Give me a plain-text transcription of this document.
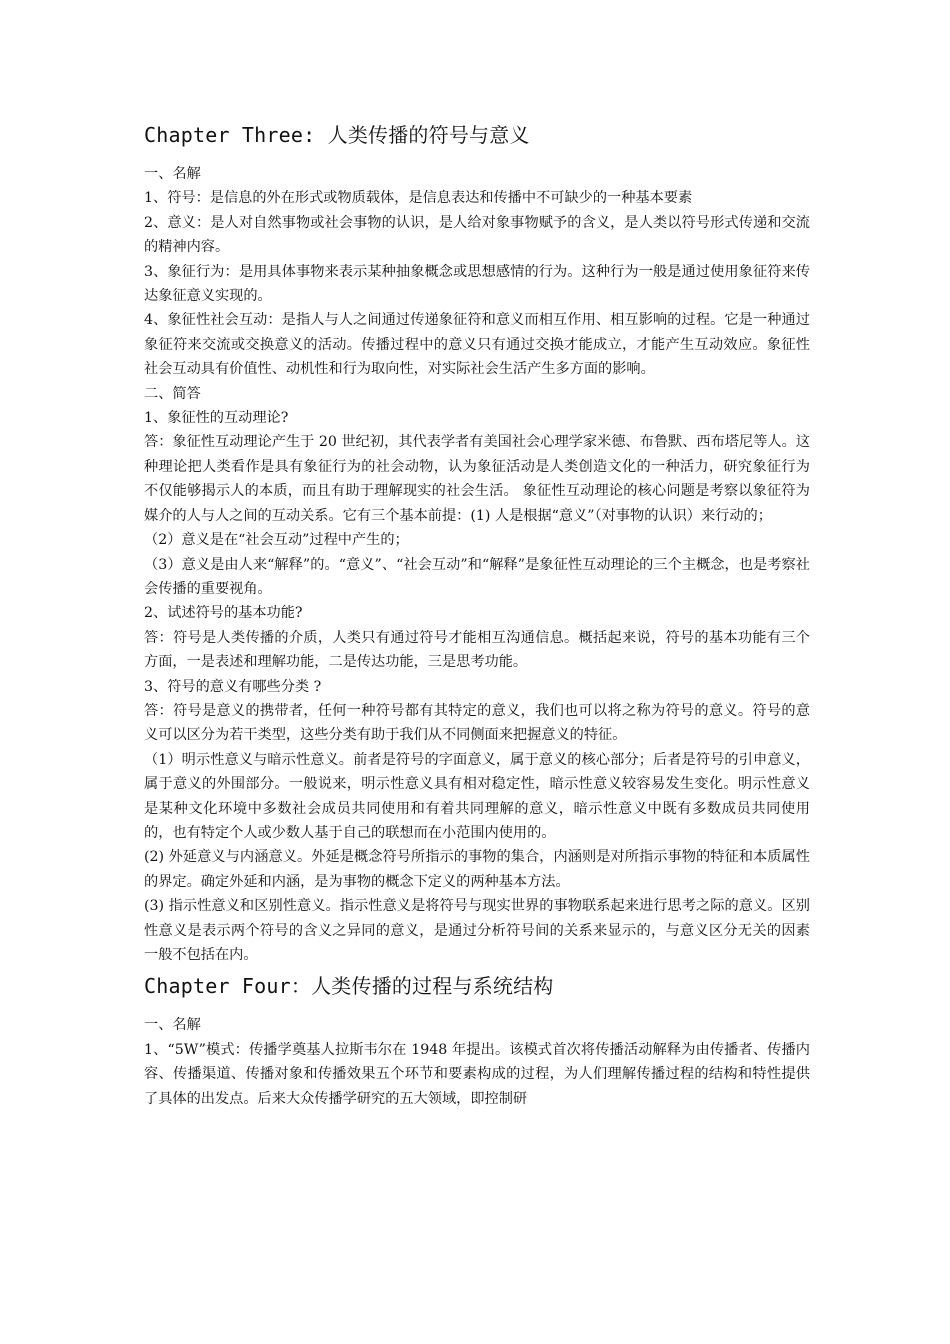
Chapter Three: 人类传播的符号与意义

一、名解

1、符号：是信息的外在形式或物质载体，是信息表达和传播中不可缺少的一种基本要素

2、意义：是人对自然事物或社会事物的认识，是人给对象事物赋予的含义，是人类以符号形式传递和交流的精神内容。

3、象征行为：是用具体事物来表示某种抽象概念或思想感情的行为。这种行为一般是通过使用象征符来传达象征意义实现的。

4、象征性社会互动：是指人与人之间通过传递象征符和意义而相互作用、相互影响的过程。它是一种通过象征符来交流或交换意义的活动。传播过程中的意义只有通过交换才能成立，才能产生互动效应。象征性社会互动具有价值性、动机性和行为取向性，对实际社会生活产生多方面的影响。

二、简答

1、象征性的互动理论?

答：象征性互动理论产生于 20 世纪初，其代表学者有美国社会心理学家米德、布鲁默、西布塔尼等人。这种理论把人类看作是具有象征行为的社会动物，认为象征活动是人类创造文化的一种活力，研究象征行为不仅能够揭示人的本质，而且有助于理解现实的社会生活。 象征性互动理论的核心问题是考察以象征符为媒介的人与人之间的互动关系。它有三个基本前提：(1) 人是根据“意义”（对事物的认识）来行动的；

（2）意义是在“社会互动”过程中产生的；

（3）意义是由人来“解释”的。“意义”、“社会互动”和“解释”是象征性互动理论的三个主概念，也是考察社会传播的重要视角。

2、试述符号的基本功能?

答：符号是人类传播的介质，人类只有通过符号才能相互沟通信息。概括起来说，符号的基本功能有三个方面，一是表述和理解功能，二是传达功能，三是思考功能。

3、符号的意义有哪些分类 ?

答：符号是意义的携带者，任何一种符号都有其特定的意义，我们也可以将之称为符号的意义。符号的意义可以区分为若干类型，这些分类有助于我们从不同侧面来把握意义的特征。

（1）明示性意义与暗示性意义。前者是符号的字面意义，属于意义的核心部分；后者是符号的引申意义，属于意义的外围部分。一般说来，明示性意义具有相对稳定性，暗示性意义较容易发生变化。明示性意义是某种文化环境中多数社会成员共同使用和有着共同理解的意义，暗示性意义中既有多数成员共同使用的，也有特定个人或少数人基于自己的联想而在小范围内使用的。

(2) 外延意义与内涵意义。外延是概念符号所指示的事物的集合，内涵则是对所指示事物的特征和本质属性的界定。确定外延和内涵，是为事物的概念下定义的两种基本方法。

(3) 指示性意义和区别性意义。指示性意义是将符号与现实世界的事物联系起来进行思考之际的意义。区别性意义是表示两个符号的含义之异同的意义，是通过分析符号间的关系来显示的，与意义区分无关的因素一般不包括在内。

Chapter Four：人类传播的过程与系统结构

一、名解

1、“5W”模式：传播学奠基人拉斯韦尔在 1948 年提出。该模式首次将传播活动解释为由传播者、传播内容、传播渠道、传播对象和传播效果五个环节和要素构成的过程，为人们理解传播过程的结构和特性提供了具体的出发点。后来大众传播学研究的五大领域，即控制研
